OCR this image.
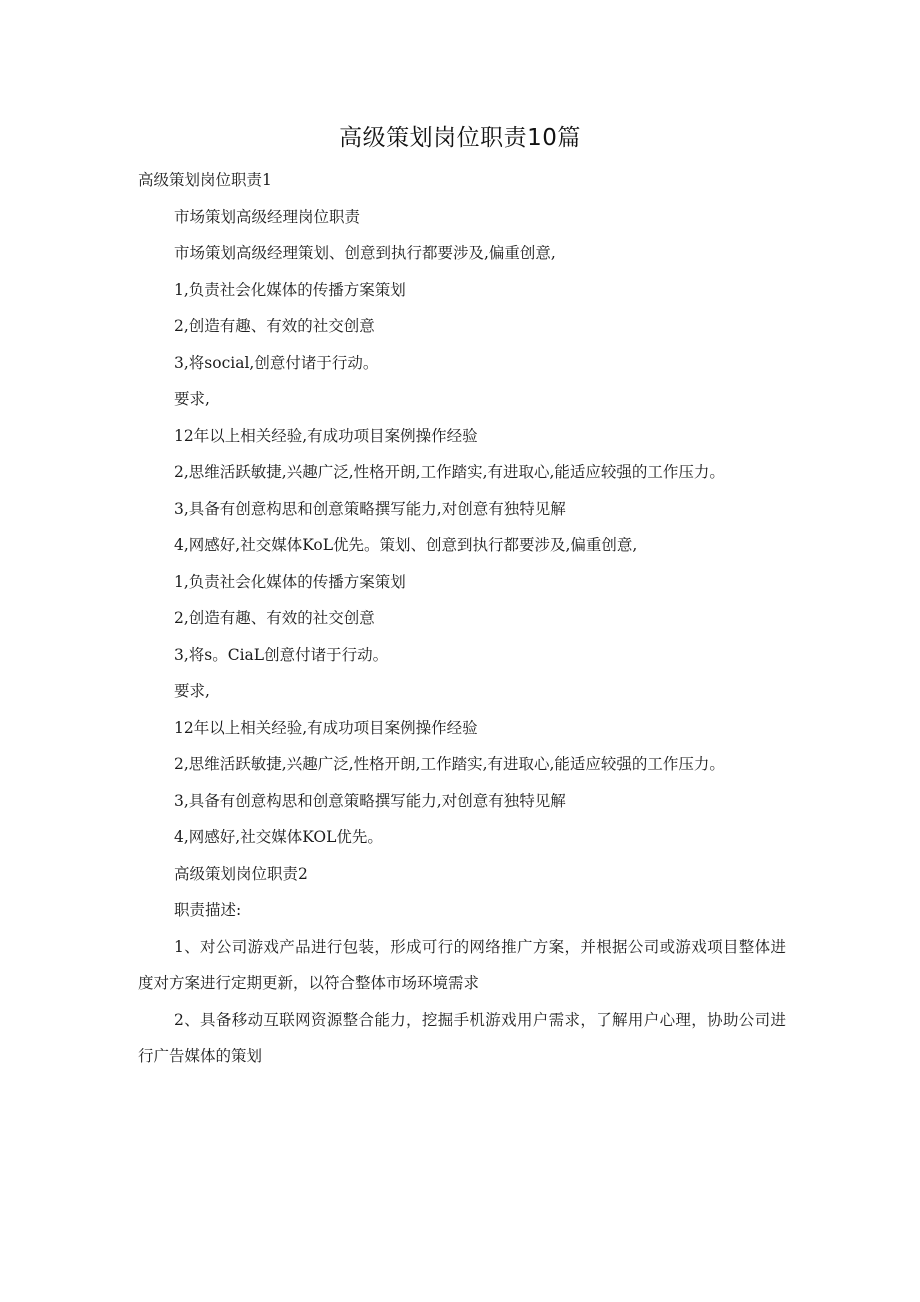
高级策划岗位职责10篇

高级策划岗位职责1

市场策划高级经理岗位职责

市场策划高级经理策划、创意到执行都要涉及,偏重创意,

1,负责社会化媒体的传播方案策划

2,创造有趣、有效的社交创意

3,将social,创意付诸于行动。

要求,

12年以上相关经验,有成功项目案例操作经验

2,思维活跃敏捷,兴趣广泛,性格开朗,工作踏实,有进取心,能适应较强的工作压力。

3,具备有创意构思和创意策略撰写能力,对创意有独特见解

4,网感好,社交媒体KoL优先。策划、创意到执行都要涉及,偏重创意,

1,负责社会化媒体的传播方案策划

2,创造有趣、有效的社交创意

3,将s。CiaL创意付诸于行动。

要求,

12年以上相关经验,有成功项目案例操作经验

2,思维活跃敏捷,兴趣广泛,性格开朗,工作踏实,有进取心,能适应较强的工作压力。

3,具备有创意构思和创意策略撰写能力,对创意有独特见解

4,网感好,社交媒体KOL优先。

高级策划岗位职责2

职责描述:

1、对公司游戏产品进行包装，形成可行的网络推广方案，并根据公司或游戏项目整体进度对方案进行定期更新，以符合整体市场环境需求

2、具备移动互联网资源整合能力，挖掘手机游戏用户需求，了解用户心理，协助公司进行广告媒体的策划
